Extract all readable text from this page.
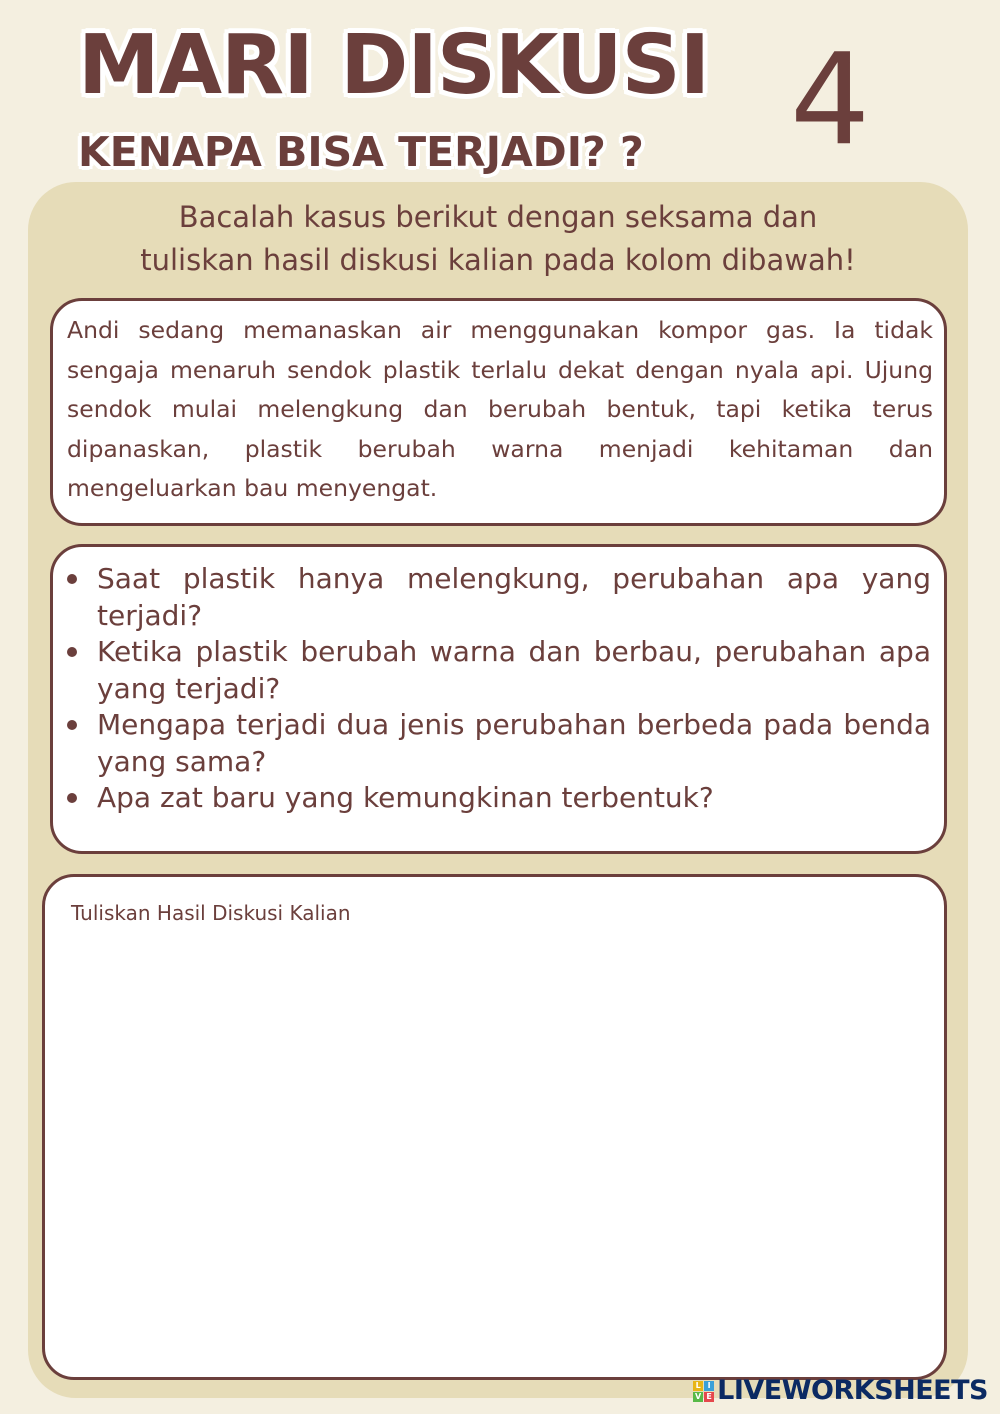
MARI DISKUSI
KENAPA BISA TERJADI? ? 4
Bacalah kasus berikut dengan seksama dan
tuliskan hasil diskusi kalian pada kolom dibawah!

Andi sedang memanaskan air menggunakan kompor gas. Ia tidak sengaja menaruh sendok plastik terlalu dekat dengan nyala api. Ujung sendok mulai melengkung dan berubah bentuk, tapi ketika terus dipanaskan, plastik berubah warna menjadi kehitaman dan mengeluarkan bau menyengat.

Saat plastik hanya melengkung, perubahan apa yang terjadi?
Ketika plastik berubah warna dan berbau, perubahan apa yang terjadi?
Mengapa terjadi dua jenis perubahan berbeda pada benda yang sama?
Apa zat baru yang kemungkinan terbentuk?
Tuliskan Hasil Diskusi Kalian
L I
V E LIVEWORKSHEETS
